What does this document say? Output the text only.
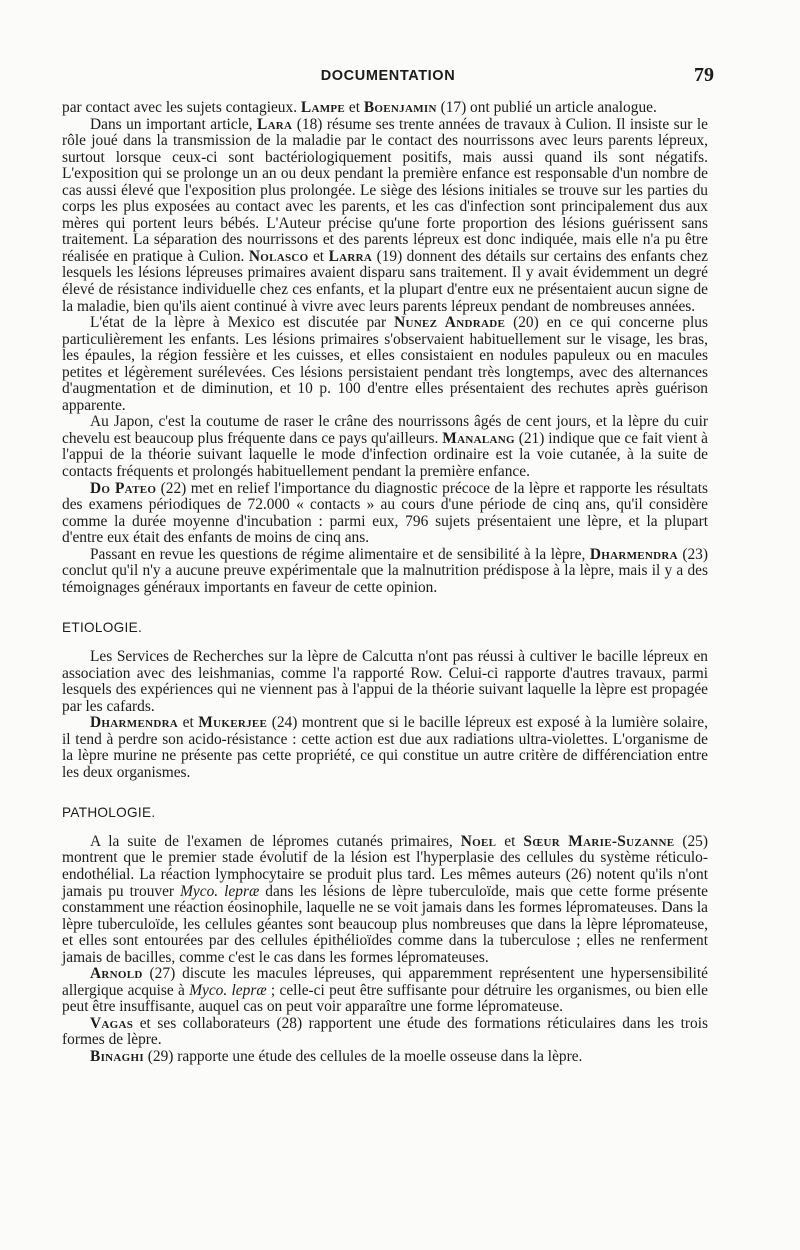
DOCUMENTATION	79

par contact avec les sujets contagieux. Lampe et Boenjamin (17) ont publié un article analogue.

Dans un important article, Lara (18) résume ses trente années de travaux à Culion. Il insiste sur le rôle joué dans la transmission de la maladie par le contact des nourrissons avec leurs parents lépreux, surtout lorsque ceux-ci sont bactériologiquement positifs, mais aussi quand ils sont négatifs. L'exposition qui se prolonge un an ou deux pendant la première enfance est responsable d'un nombre de cas aussi élevé que l'exposition plus prolongée. Le siège des lésions initiales se trouve sur les parties du corps les plus exposées au contact avec les parents, et les cas d'infection sont principalement dus aux mères qui portent leurs bébés. L'Auteur précise qu'une forte proportion des lésions guérissent sans traitement. La séparation des nourrissons et des parents lépreux est donc indiquée, mais elle n'a pu être réalisée en pratique à Culion. Nolasco et Larra (19) donnent des détails sur certains des enfants chez lesquels les lésions lépreuses primaires avaient disparu sans traitement. Il y avait évidemment un degré élevé de résistance individuelle chez ces enfants, et la plupart d'entre eux ne présentaient aucun signe de la maladie, bien qu'ils aient continué à vivre avec leurs parents lépreux pendant de nombreuses années.

L'état de la lèpre à Mexico est discutée par Nunez Andrade (20) en ce qui concerne plus particulièrement les enfants. Les lésions primaires s'observaient habituellement sur le visage, les bras, les épaules, la région fessière et les cuisses, et elles consistaient en nodules papuleux ou en macules petites et légèrement surélevées. Ces lésions persistaient pendant très longtemps, avec des alternances d'augmentation et de diminution, et 10 p. 100 d'entre elles présentaient des rechutes après guérison apparente.

Au Japon, c'est la coutume de raser le crâne des nourrissons âgés de cent jours, et la lèpre du cuir chevelu est beaucoup plus fréquente dans ce pays qu'ailleurs. Manalang (21) indique que ce fait vient à l'appui de la théorie suivant laquelle le mode d'infection ordinaire est la voie cutanée, à la suite de contacts fréquents et prolongés habituellement pendant la première enfance.

Do Pateo (22) met en relief l'importance du diagnostic précoce de la lèpre et rapporte les résultats des examens périodiques de 72.000 « contacts » au cours d'une période de cinq ans, qu'il considère comme la durée moyenne d'incubation : parmi eux, 796 sujets présentaient une lèpre, et la plupart d'entre eux était des enfants de moins de cinq ans.

Passant en revue les questions de régime alimentaire et de sensibilité à la lèpre, Dharmendra (23) conclut qu'il n'y a aucune preuve expérimentale que la malnutrition prédispose à la lèpre, mais il y a des témoignages généraux importants en faveur de cette opinion.

ETIOLOGIE.

Les Services de Recherches sur la lèpre de Calcutta n'ont pas réussi à cultiver le bacille lépreux en association avec des leishmanias, comme l'a rapporté Row. Celui-ci rapporte d'autres travaux, parmi lesquels des expériences qui ne viennent pas à l'appui de la théorie suivant laquelle la lèpre est propagée par les cafards.

Dharmendra et Mukerjee (24) montrent que si le bacille lépreux est exposé à la lumière solaire, il tend à perdre son acido-résistance : cette action est due aux radiations ultra-violettes. L'organisme de la lèpre murine ne présente pas cette propriété, ce qui constitue un autre critère de différenciation entre les deux organismes.

PATHOLOGIE.

A la suite de l'examen de lépromes cutanés primaires, Noel et Sœur Marie-Suzanne (25) montrent que le premier stade évolutif de la lésion est l'hyperplasie des cellules du système réticulo-endothélial. La réaction lymphocytaire se produit plus tard. Les mêmes auteurs (26) notent qu'ils n'ont jamais pu trouver Myco. lepræ dans les lésions de lèpre tuberculoïde, mais que cette forme présente constamment une réaction éosinophile, laquelle ne se voit jamais dans les formes lépromateuses. Dans la lèpre tuberculoïde, les cellules géantes sont beaucoup plus nombreuses que dans la lèpre lépromateuse, et elles sont entourées par des cellules épithélioïdes comme dans la tuberculose ; elles ne renferment jamais de bacilles, comme c'est le cas dans les formes lépromateuses.

Arnold (27) discute les macules lépreuses, qui apparemment représentent une hypersensibilité allergique acquise à Myco. lepræ ; celle-ci peut être suffisante pour détruire les organismes, ou bien elle peut être insuffisante, auquel cas on peut voir apparaître une forme lépromateuse.

Vagas et ses collaborateurs (28) rapportent une étude des formations réticulaires dans les trois formes de lèpre.

Binaghi (29) rapporte une étude des cellules de la moelle osseuse dans la lèpre.
